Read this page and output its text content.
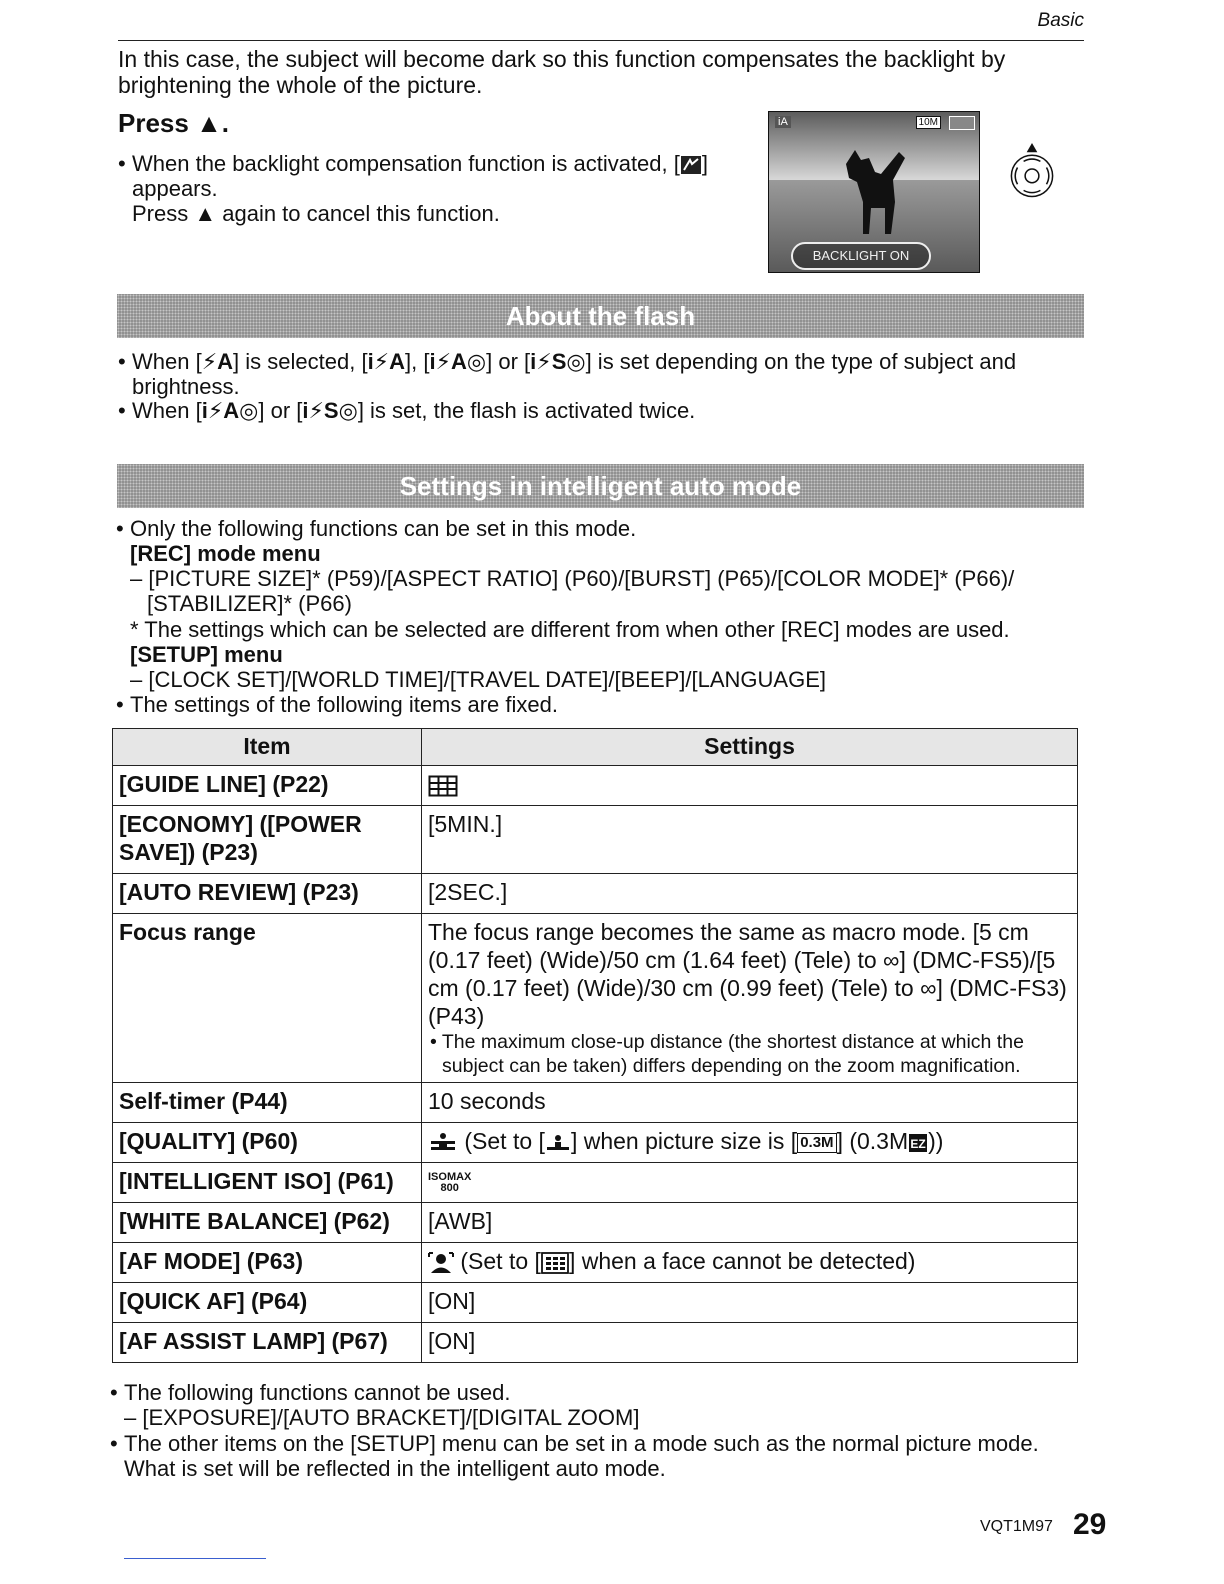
Basic
In this case, the subject will become dark so this function compensates the backlight by brightening the whole of the picture.
Press ▲.
• When the backlight compensation function is activated, [ ] appears.
Press ▲ again to cancel this function.
iA	10M
BACKLIGHT ON
About the flash
• When [⚡A] is selected, [i⚡A], [i⚡A◎] or [i⚡S◎] is set depending on the type of subject and brightness.
• When [i⚡A◎] or [i⚡S◎] is set, the flash is activated twice.
Settings in intelligent auto mode
• Only the following functions can be set in this mode.
[REC] mode menu
– [PICTURE SIZE]* (P59)/[ASPECT RATIO] (P60)/[BURST] (P65)/[COLOR MODE]* (P66)/
[STABILIZER]* (P66)
* The settings which can be selected are different from when other [REC] modes are used.
[SETUP] menu
– [CLOCK SET]/[WORLD TIME]/[TRAVEL DATE]/[BEEP]/[LANGUAGE]
• The settings of the following items are fixed.
Item	Settings
[GUIDE LINE] (P22)	
[ECONOMY] ([POWER SAVE]) (P23)	[5MIN.]
[AUTO REVIEW] (P23)	[2SEC.]
Focus range	The focus range becomes the same as macro mode. [5 cm (0.17 feet) (Wide)/50 cm (1.64 feet) (Tele) to ∞] (DMC-FS5)/[5 cm (0.17 feet) (Wide)/30 cm (0.99 feet) (Tele) to ∞] (DMC-FS3) (P43)
• The maximum close-up distance (the shortest distance at which the subject can be taken) differs depending on the zoom magnification.

Self-timer (P44)	10 seconds
[QUALITY] (P60)	(Set to [ ] when picture size is [ 0.3M ] (0.3M EZ ))
[INTELLIGENT ISO] (P61)	ISOMAX
800

[WHITE BALANCE] (P62)	[AWB]
[AF MODE] (P63)	(Set to [ ] when a face cannot be detected)
[QUICK AF] (P64)	[ON]
[AF ASSIST LAMP] (P67)	[ON]
• The following functions cannot be used.
– [EXPOSURE]/[AUTO BRACKET]/[DIGITAL ZOOM]
• The other items on the [SETUP] menu can be set in a mode such as the normal picture mode.
What is set will be reflected in the intelligent auto mode.
VQT1M97 29
